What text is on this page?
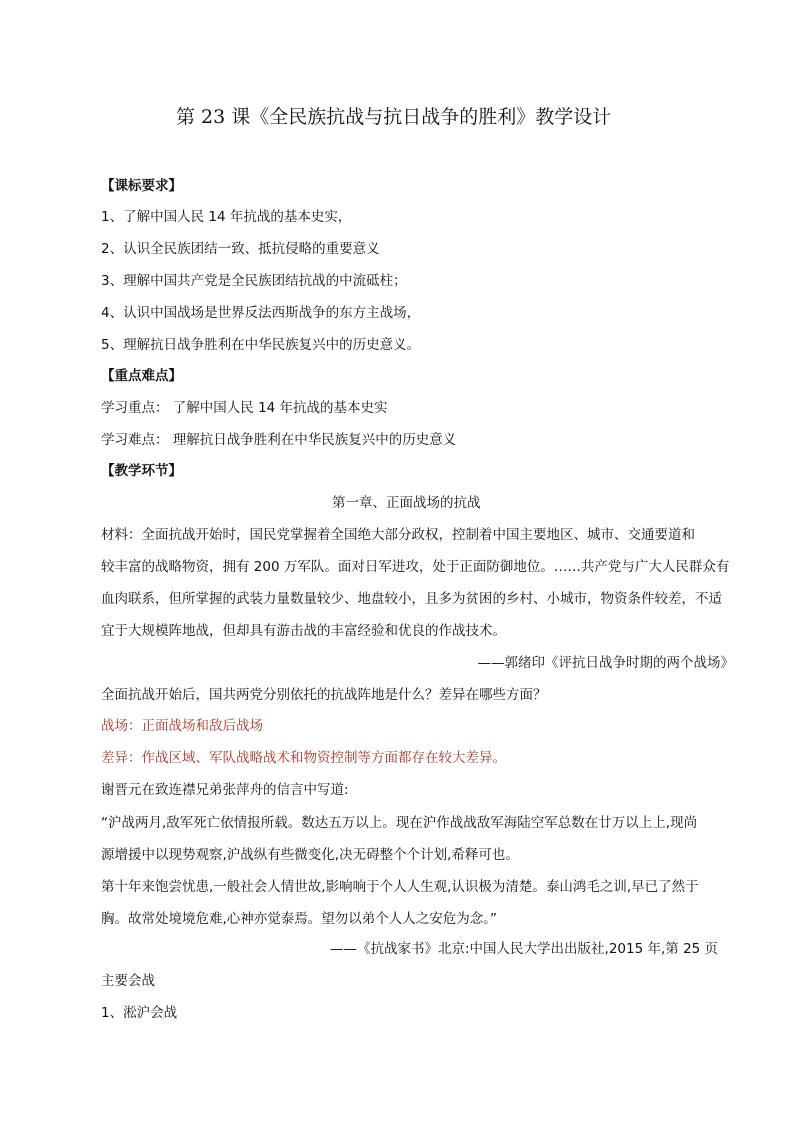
第 23 课《全民族抗战与抗日战争的胜利》教学设计
【课标要求】
1、了解中国人民 14 年抗战的基本史实，
2、认识全民族团结一致、抵抗侵略的重要意义
3、理解中国共产党是全民族团结抗战的中流砥柱；
4、认识中国战场是世界反法西斯战争的东方主战场，
5、理解抗日战争胜利在中华民族复兴中的历史意义。
【重点难点】
学习重点： 了解中国人民 14 年抗战的基本史实
学习难点： 理解抗日战争胜利在中华民族复兴中的历史意义
【教学环节】
第一章、正面战场的抗战
材料：全面抗战开始时，国民党掌握着全国绝大部分政权，控制着中国主要地区、城市、交通要道和
较丰富的战略物资，拥有 200 万军队。面对日军进攻，处于正面防御地位。……共产党与广大人民群众有
血肉联系，但所掌握的武装力量数量较少、地盘较小，且多为贫困的乡村、小城市，物资条件较差，不适
宜于大规模阵地战，但却具有游击战的丰富经验和优良的作战技术。
——郭绪印《评抗日战争时期的两个战场》
全面抗战开始后，国共两党分别依托的抗战阵地是什么？差异在哪些方面？
战场：正面战场和敌后战场
差异：作战区域、军队战略战术和物资控制等方面都存在较大差异。
谢晋元在致连襟兄弟张萍舟的信言中写道:
“沪战两月,敌军死亡依情报所载。数达五万以上。现在沪作战战敌军海陆空军总数在廿万以上上,现尚
源增援中以现势观察,沪战纵有些微变化,决无碍整个个计划,希释可也。
第十年来饱尝忧患,一般社会人情世故,影响响于个人人生观,认识极为清楚。泰山鸿毛之训,早已了然于
胸。故常处境境危难,心神亦觉泰焉。望勿以弟个人人之安危为念。”
——《抗战家书》北京:中国人民大学出出版社,2015 年,第 25 页
主要会战
1、淞沪会战
